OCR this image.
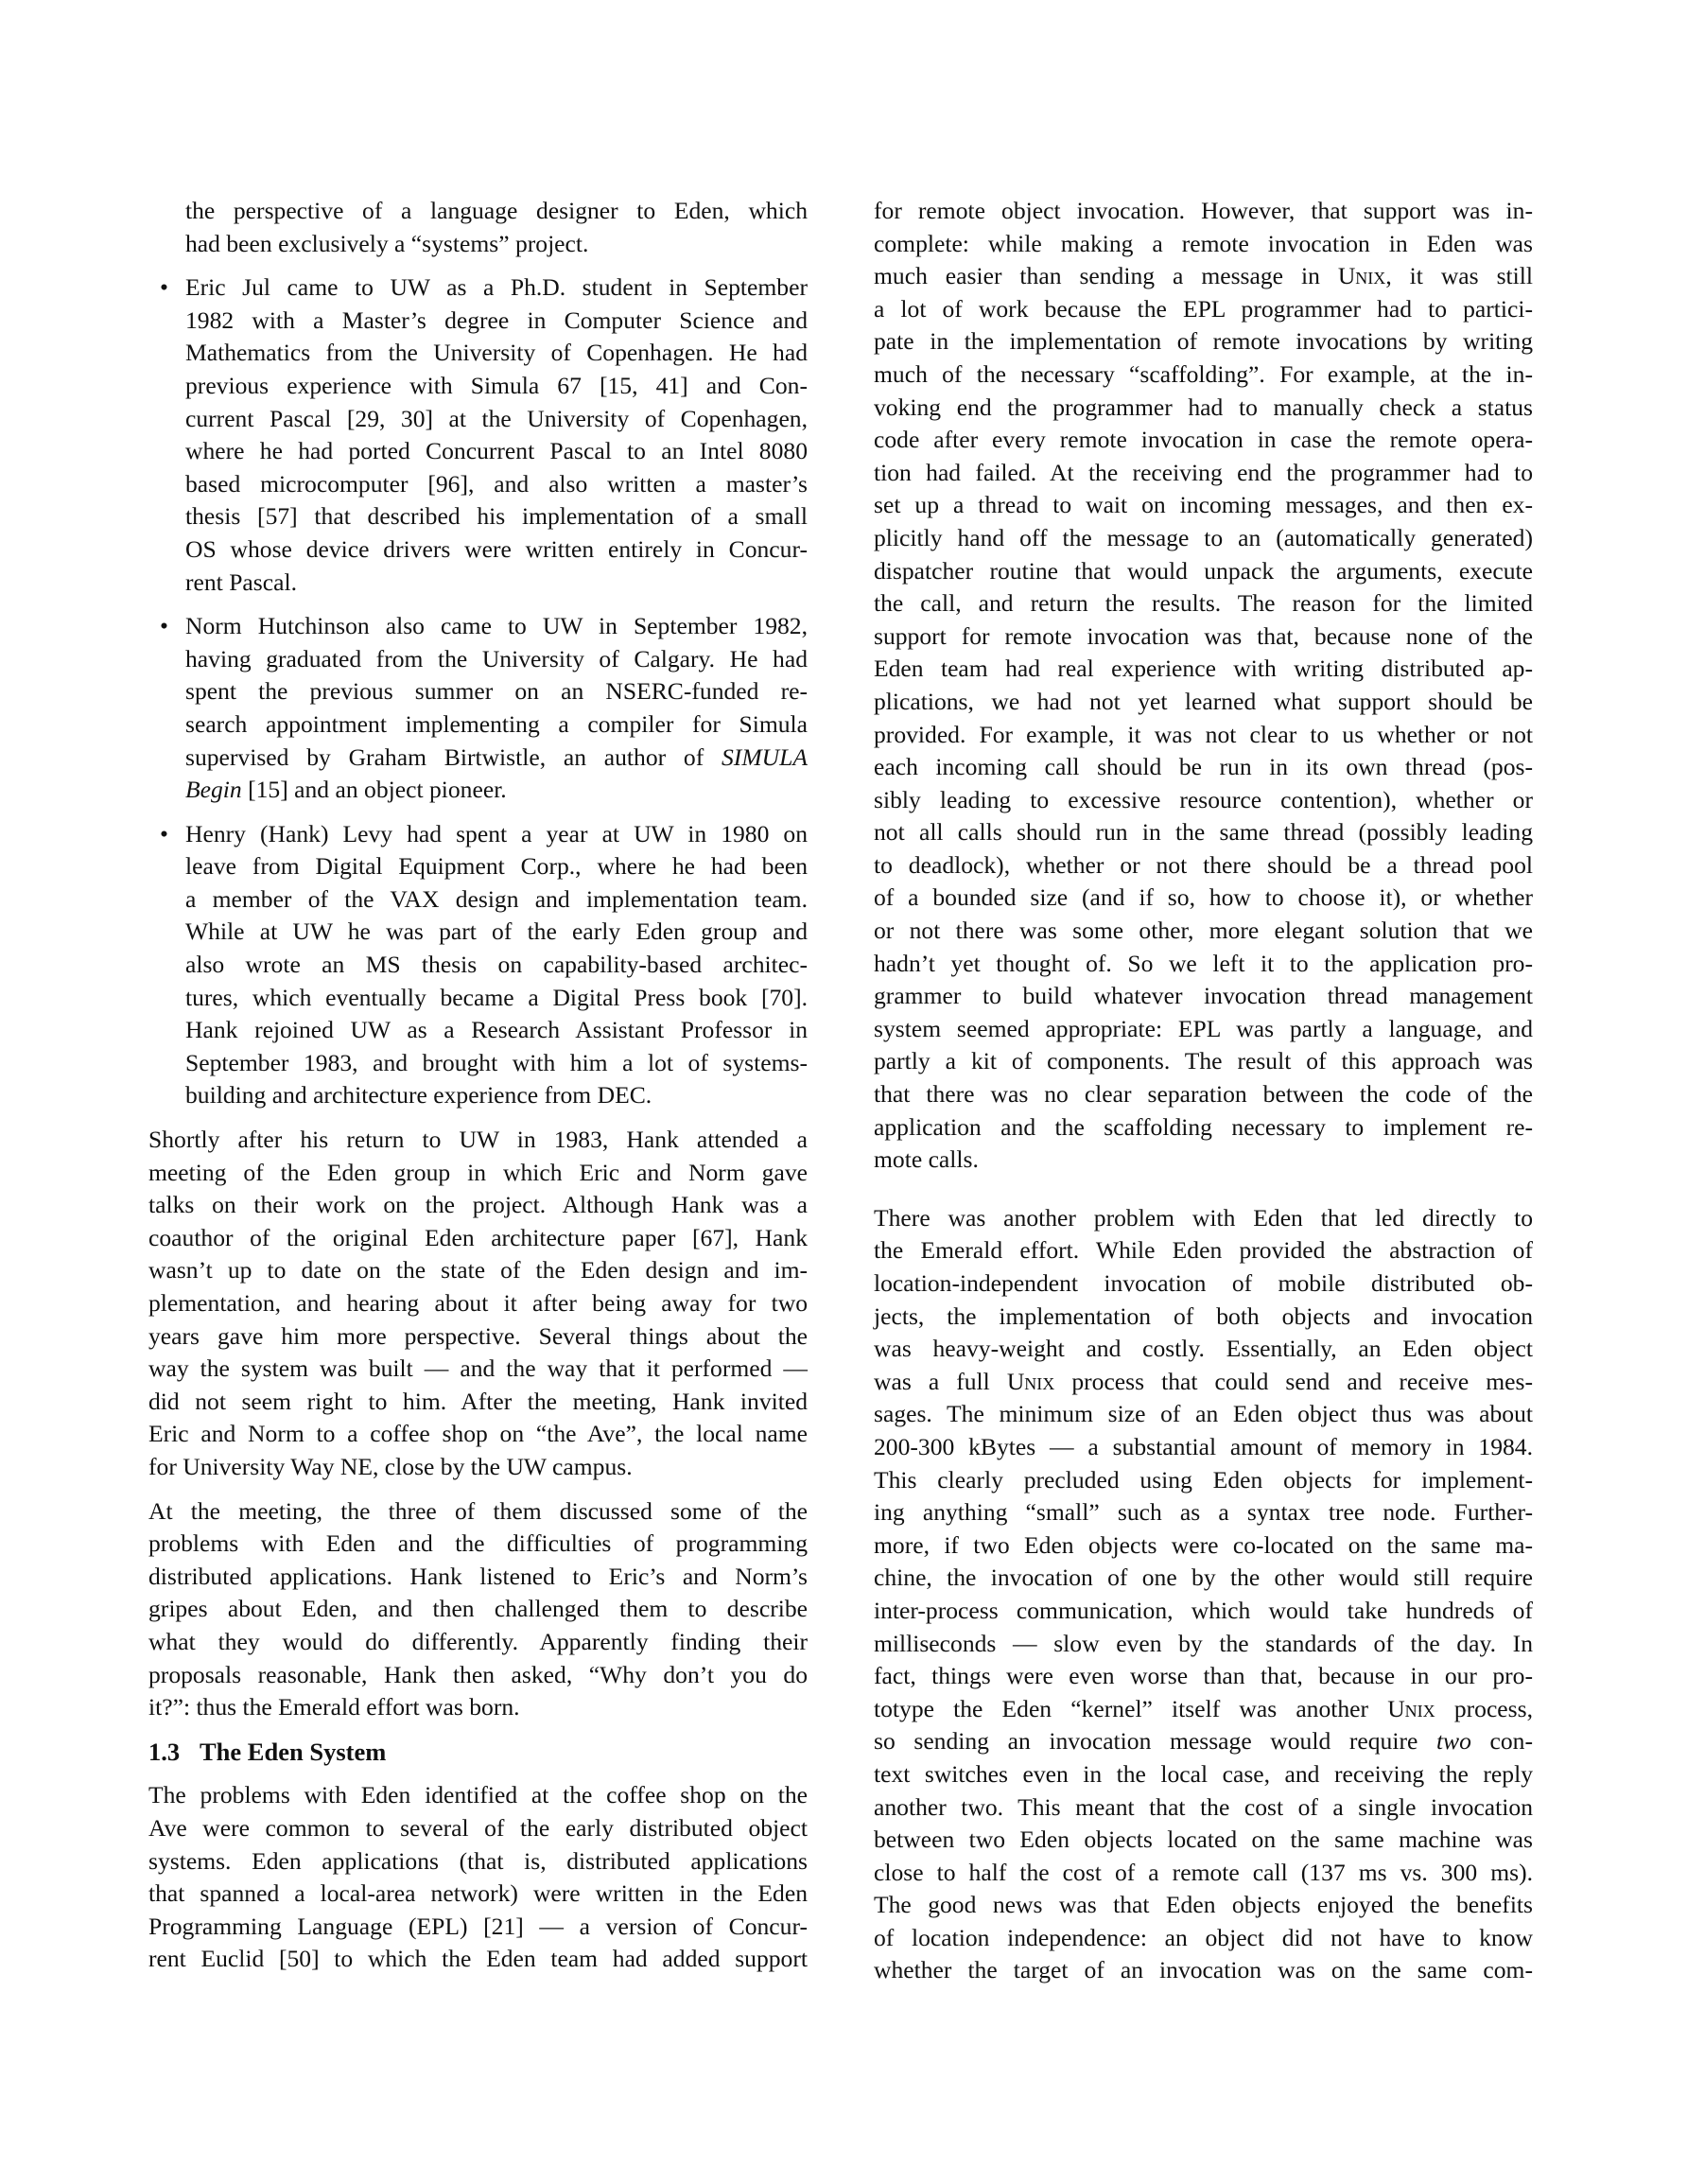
the perspective of a language designer to Eden, which
had been exclusively a “systems” project.
• Eric Jul came to UW as a Ph.D. student in September
1982 with a Master’s degree in Computer Science and
Mathematics from the University of Copenhagen. He had
previous experience with Simula 67 [15, 41] and Con-
current Pascal [29, 30] at the University of Copenhagen,
where he had ported Concurrent Pascal to an Intel 8080
based microcomputer [96], and also written a master’s
thesis [57] that described his implementation of a small
OS whose device drivers were written entirely in Concur-
rent Pascal.
• Norm Hutchinson also came to UW in September 1982,
having graduated from the University of Calgary. He had
spent the previous summer on an NSERC-funded re-
search appointment implementing a compiler for Simula
supervised by Graham Birtwistle, an author of SIMULA
Begin [15] and an object pioneer.
• Henry (Hank) Levy had spent a year at UW in 1980 on
leave from Digital Equipment Corp., where he had been
a member of the VAX design and implementation team.
While at UW he was part of the early Eden group and
also wrote an MS thesis on capability-based architec-
tures, which eventually became a Digital Press book [70].
Hank rejoined UW as a Research Assistant Professor in
September 1983, and brought with him a lot of systems-
building and architecture experience from DEC.
Shortly after his return to UW in 1983, Hank attended a
meeting of the Eden group in which Eric and Norm gave
talks on their work on the project. Although Hank was a
coauthor of the original Eden architecture paper [67], Hank
wasn’t up to date on the state of the Eden design and im-
plementation, and hearing about it after being away for two
years gave him more perspective. Several things about the
way the system was built — and the way that it performed —
did not seem right to him. After the meeting, Hank invited
Eric and Norm to a coffee shop on “the Ave”, the local name
for University Way NE, close by the UW campus.
At the meeting, the three of them discussed some of the
problems with Eden and the difficulties of programming
distributed applications. Hank listened to Eric’s and Norm’s
gripes about Eden, and then challenged them to describe
what they would do differently. Apparently finding their
proposals reasonable, Hank then asked, “Why don’t you do
it?”: thus the Emerald effort was born.
1.3 The Eden System
The problems with Eden identified at the coffee shop on the
Ave were common to several of the early distributed object
systems. Eden applications (that is, distributed applications
that spanned a local-area network) were written in the Eden
Programming Language (EPL) [21] — a version of Concur-
rent Euclid [50] to which the Eden team had added support
for remote object invocation. However, that support was in-
complete: while making a remote invocation in Eden was
much easier than sending a message in Unix, it was still
a lot of work because the EPL programmer had to partici-
pate in the implementation of remote invocations by writing
much of the necessary “scaffolding”. For example, at the in-
voking end the programmer had to manually check a status
code after every remote invocation in case the remote opera-
tion had failed. At the receiving end the programmer had to
set up a thread to wait on incoming messages, and then ex-
plicitly hand off the message to an (automatically generated)
dispatcher routine that would unpack the arguments, execute
the call, and return the results. The reason for the limited
support for remote invocation was that, because none of the
Eden team had real experience with writing distributed ap-
plications, we had not yet learned what support should be
provided. For example, it was not clear to us whether or not
each incoming call should be run in its own thread (pos-
sibly leading to excessive resource contention), whether or
not all calls should run in the same thread (possibly leading
to deadlock), whether or not there should be a thread pool
of a bounded size (and if so, how to choose it), or whether
or not there was some other, more elegant solution that we
hadn’t yet thought of. So we left it to the application pro-
grammer to build whatever invocation thread management
system seemed appropriate: EPL was partly a language, and
partly a kit of components. The result of this approach was
that there was no clear separation between the code of the
application and the scaffolding necessary to implement re-
mote calls.
There was another problem with Eden that led directly to
the Emerald effort. While Eden provided the abstraction of
location-independent invocation of mobile distributed ob-
jects, the implementation of both objects and invocation
was heavy-weight and costly. Essentially, an Eden object
was a full Unix process that could send and receive mes-
sages. The minimum size of an Eden object thus was about
200-300 kBytes — a substantial amount of memory in 1984.
This clearly precluded using Eden objects for implement-
ing anything “small” such as a syntax tree node. Further-
more, if two Eden objects were co-located on the same ma-
chine, the invocation of one by the other would still require
inter-process communication, which would take hundreds of
milliseconds — slow even by the standards of the day. In
fact, things were even worse than that, because in our pro-
totype the Eden “kernel” itself was another Unix process,
so sending an invocation message would require two con-
text switches even in the local case, and receiving the reply
another two. This meant that the cost of a single invocation
between two Eden objects located on the same machine was
close to half the cost of a remote call (137 ms vs. 300 ms).
The good news was that Eden objects enjoyed the benefits
of location independence: an object did not have to know
whether the target of an invocation was on the same com-
